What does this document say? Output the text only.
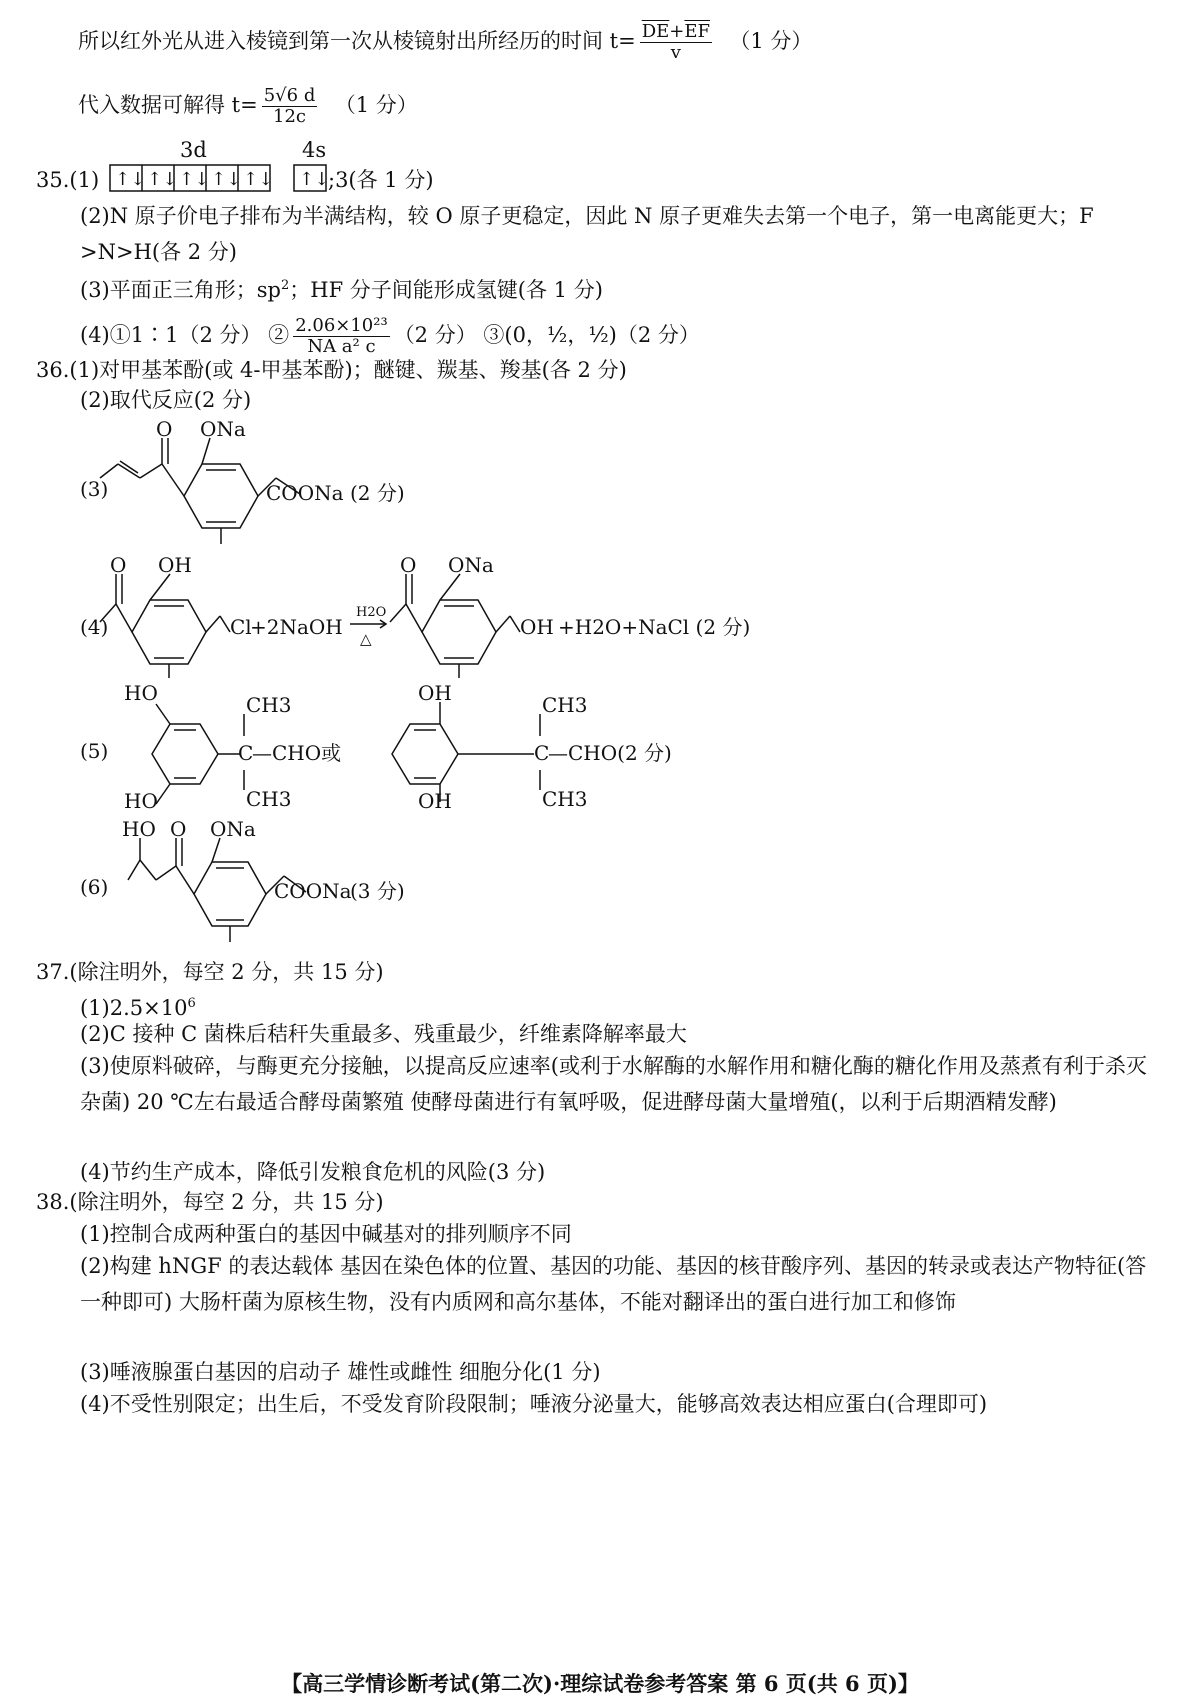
所以红外光从进入棱镜到第一次从棱镜射出所经历的时间 $t= \frac{\overline{DE}+\overline{EF}}{v} (1$ 分）
代入数据可解得 $t= \frac{5√6 d}{12c} (1$ 分）
3d	4s
35.(1) ↑↓ ↑↓ ↑↓ ↑↓ ↑↓ ↑↓
;3(各 1 分)
(2)N 原子价电子排布为半满结构，较 O 原子更稳定，因此 N 原子更难失去第一个电子，第一电离能更大；F >N>H(各 2 分)
(3)平面正三角形；$sp^2$；HF 分子间能形成氢键(各 1 分)
(4)①1∶1（2 分） ② $\frac{\text{2.06×10²³}}{\text{NA a² c}} (2$ 分） ③(0，½，½)（2 分）
36.(1)对甲基苯酚(或 4-甲基苯酚)；醚键、羰基、羧基(各 2 分)
(2)取代反应(2 分)
(3)
O ONa
COONa (2 分)
(4)
O OH
Cl
+2NaOH
H2O
△
O ONa
OH +H2O+NaCl (2 分)
(5)
HO
HO
CH3
C
—CHO或
CH3
OH
OH
CH3
C
—CHO(2 分)
CH3
(6)
HO O ONa
COONa
(3 分)
37.(除注明外，每空 2 分，共 15 分)
$(1)2.5\times 10^6$
(2)C 接种 C 菌株后秸秆失重最多、残重最少，纤维素降解率最大
(3)使原料破碎，与酶更充分接触，以提高反应速率(或利于水解酶的水解作用和糖化酶的糖化作用及蒸煮有利于杀灭杂菌) 20 ℃左右最适合酵母菌繁殖 使酵母菌进行有氧呼吸，促进酵母菌大量增殖(，以利于后期酒精发酵)
(4)节约生产成本，降低引发粮食危机的风险(3 分)
38.(除注明外，每空 2 分，共 15 分)
(1)控制合成两种蛋白的基因中碱基对的排列顺序不同
(2)构建 hNGF 的表达载体 基因在染色体的位置、基因的功能、基因的核苷酸序列、基因的转录或表达产物特征(答一种即可) 大肠杆菌为原核生物，没有内质网和高尔基体，不能对翻译出的蛋白进行加工和修饰
(3)唾液腺蛋白基因的启动子 雄性或雌性 细胞分化(1 分)
(4)不受性别限定；出生后，不受发育阶段限制；唾液分泌量大，能够高效表达相应蛋白(合理即可)
【高三学情诊断考试(第二次)·理综试卷参考答案 第 6 页(共 6 页)】
